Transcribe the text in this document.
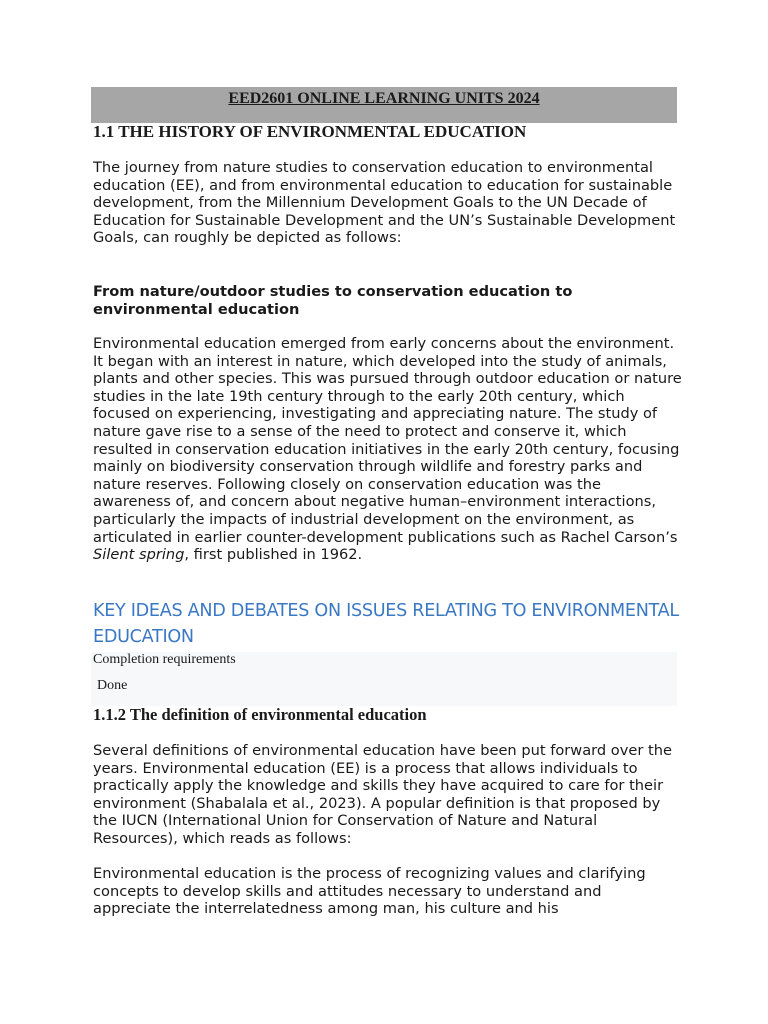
EED2601 ONLINE LEARNING UNITS 2024
1.1 THE HISTORY OF ENVIRONMENTAL EDUCATION

The journey from nature studies to conservation education to environmental education (EE), and from environmental education to education for sustainable development, from the Millennium Development Goals to the UN Decade of Education for Sustainable Development and the UN’s Sustainable Development Goals, can roughly be depicted as follows:

From nature/outdoor studies to conservation education to environmental education

Environmental education emerged from early concerns about the environment. It began with an interest in nature, which developed into the study of animals, plants and other species. This was pursued through outdoor education or nature studies in the late 19th century through to the early 20th century, which focused on experiencing, investigating and appreciating nature. The study of nature gave rise to a sense of the need to protect and conserve it, which resulted in conservation education initiatives in the early 20th century, focusing mainly on biodiversity conservation through wildlife and forestry parks and nature reserves. Following closely on conservation education was the awareness of, and concern about negative human–environment interactions, particularly the impacts of industrial development on the environment, as articulated in earlier counter-development publications such as Rachel Carson’s Silent spring, first published in 1962.

KEY IDEAS AND DEBATES ON ISSUES RELATING TO ENVIRONMENTAL EDUCATION
Completion requirements
Done
1.1.2 The definition of environmental education

Several definitions of environmental education have been put forward over the years. Environmental education (EE) is a process that allows individuals to practically apply the knowledge and skills they have acquired to care for their environment (Shabalala et al., 2023). A popular definition is that proposed by the IUCN (International Union for Conservation of Nature and Natural Resources), which reads as follows:

Environmental education is the process of recognizing values and clarifying concepts to develop skills and attitudes necessary to understand and appreciate the interrelatedness among man, his culture and his
